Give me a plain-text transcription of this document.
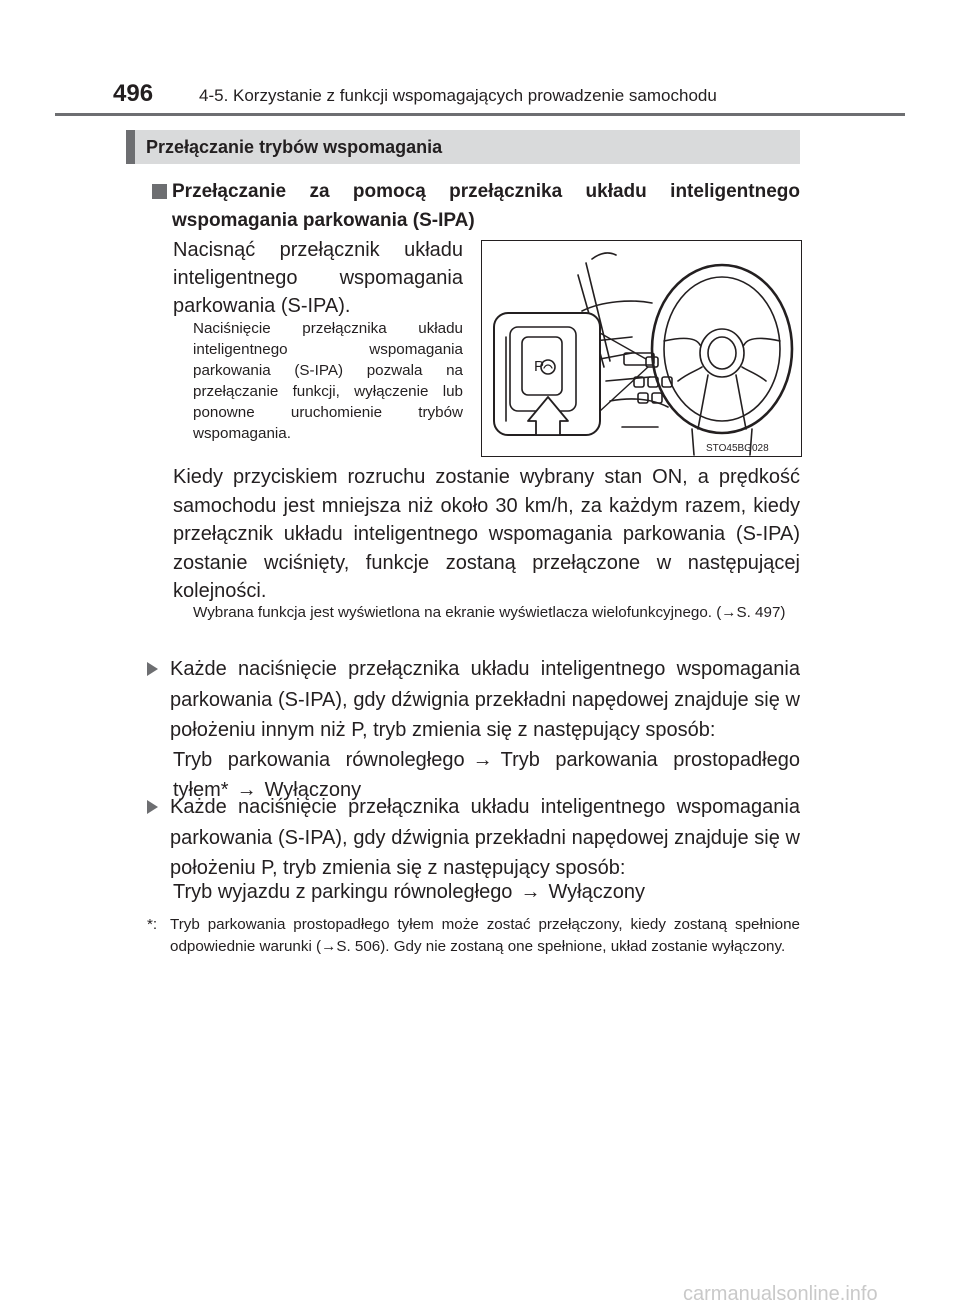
496	4-5. Korzystanie z funkcji wspomagających prowadzenie samochodu
Przełączanie trybów wspomagania
Przełączanie za pomocą przełącznika układu inteligentnego wspomagania parkowania (S-IPA)
Nacisnąć przełącznik układu inteligentnego wspomagania parkowania (S-IPA).
Naciśnięcie przełącznika układu inteligentnego wspomagania parkowania (S-IPA) pozwala na przełączanie funkcji, wyłączenie lub ponowne uruchomienie trybów wspomagania.
P
STO45BG028
Kiedy przyciskiem rozruchu zostanie wybrany stan ON, a prędkość samochodu jest mniejsza niż około 30 km/h, za każdym razem, kiedy przełącznik układu inteligentnego wspomagania parkowania (S-IPA) zostanie wciśnięty, funkcje zostaną przełączone w następującej kolejności.
Wybrana funkcja jest wyświetlona na ekranie wyświetlacza wielofunkcyjnego. (→S. 497)
Każde naciśnięcie przełącznika układu inteligentnego wspomagania parkowania (S-IPA), gdy dźwignia przekładni napędowej znajduje się w położeniu innym niż P, tryb zmienia się z następujący sposób:
Tryb parkowania równoległego → Tryb parkowania prostopadłego tyłem* → Wyłączony
Każde naciśnięcie przełącznika układu inteligentnego wspomagania parkowania (S-IPA), gdy dźwignia przekładni napędowej znajduje się w położeniu P, tryb zmienia się z następujący sposób:
Tryb wyjazdu z parkingu równoległego → Wyłączony
*: Tryb parkowania prostopadłego tyłem może zostać przełączony, kiedy zostaną spełnione odpowiednie warunki (→S. 506). Gdy nie zostaną one spełnione, układ zostanie wyłączony.
carmanualsonline.info
